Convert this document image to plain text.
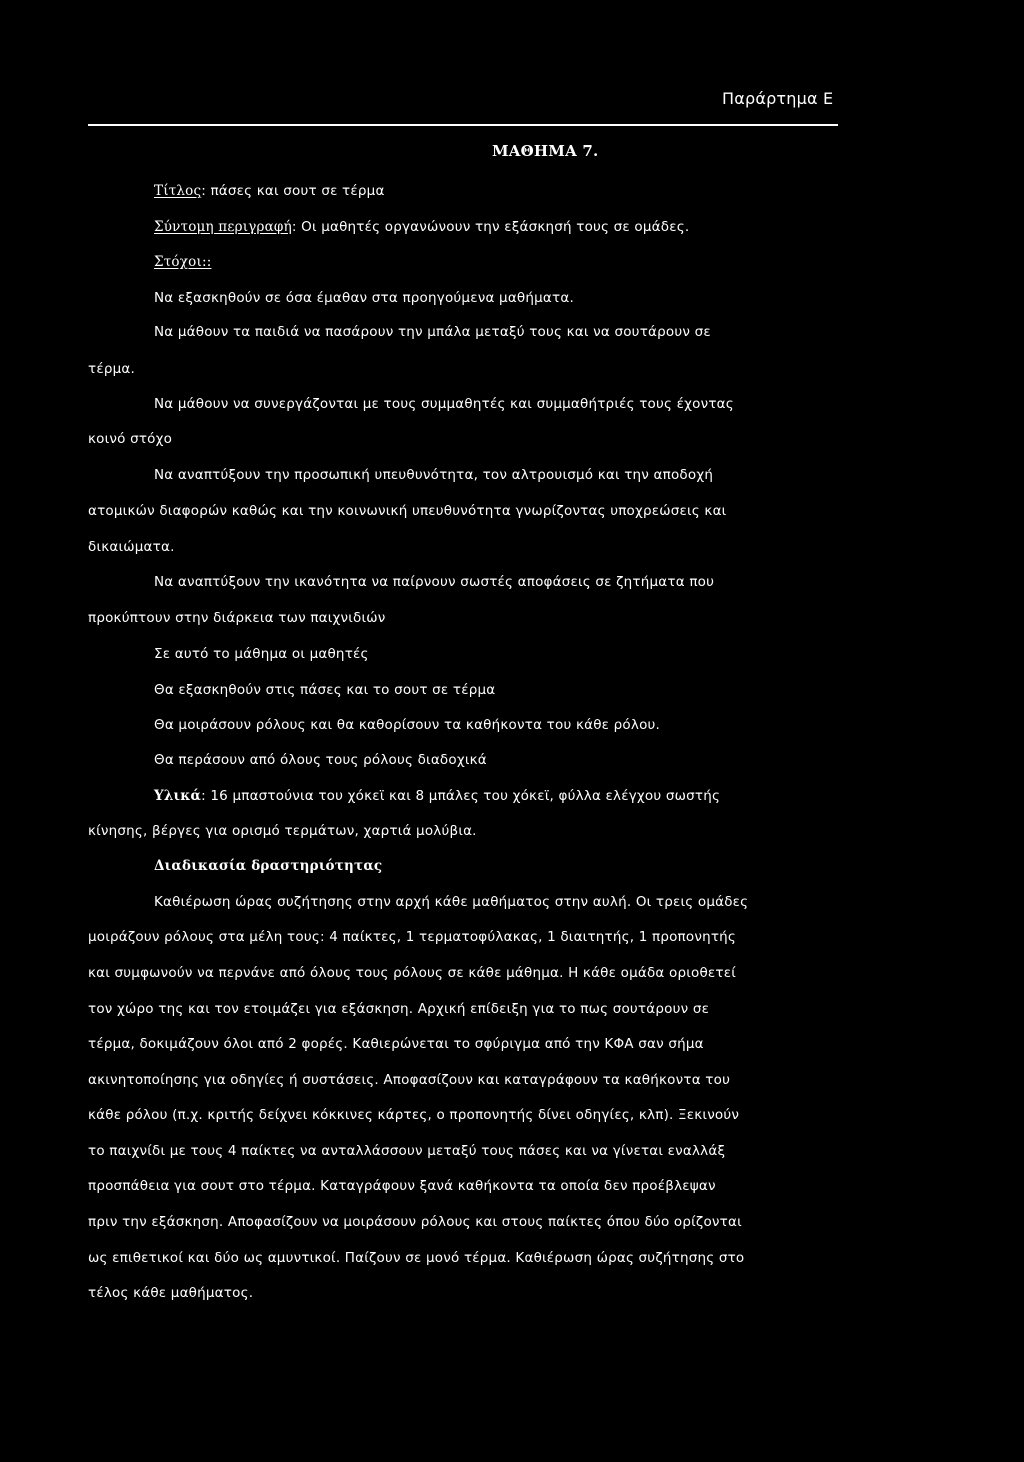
Παράρτημα Ε
ΜΑΘΗΜΑ 7.
Τίτλος: πάσες και σουτ σε τέρμα
Σύντομη περιγραφή: Οι μαθητές οργανώνουν την εξάσκησή τους σε ομάδες.
Στόχοι::
Να εξασκηθούν σε όσα έμαθαν στα προηγούμενα μαθήματα.
Να μάθουν τα παιδιά να πασάρουν την μπάλα μεταξύ τους και να σουτάρουν σε
τέρμα.
Να μάθουν να συνεργάζονται με τους συμμαθητές και συμμαθήτριές τους έχοντας
κοινό στόχο
Να αναπτύξουν την προσωπική υπευθυνότητα, τον αλτρουισμό και την αποδοχή
ατομικών διαφορών καθώς και την κοινωνική υπευθυνότητα γνωρίζοντας υποχρεώσεις και
δικαιώματα.
Να αναπτύξουν την ικανότητα να παίρνουν σωστές αποφάσεις σε ζητήματα που
προκύπτουν στην διάρκεια των παιχνιδιών
Σε αυτό το μάθημα οι μαθητές
Θα εξασκηθούν στις πάσες και το σουτ σε τέρμα
Θα μοιράσουν ρόλους και θα καθορίσουν τα καθήκοντα του κάθε ρόλου.
Θα περάσουν από όλους τους ρόλους διαδοχικά
Υλικά: 16 μπαστούνια του χόκεϊ και 8 μπάλες του χόκεϊ, φύλλα ελέγχου σωστής
κίνησης, βέργες για ορισμό τερμάτων, χαρτιά μολύβια.
Διαδικασία δραστηριότητας
Καθιέρωση ώρας συζήτησης στην αρχή κάθε μαθήματος στην αυλή. Οι τρεις ομάδες
μοιράζουν ρόλους στα μέλη τους: 4 παίκτες, 1 τερματοφύλακας, 1 διαιτητής, 1 προπονητής
και συμφωνούν να περνάνε από όλους τους ρόλους σε κάθε μάθημα. Η κάθε ομάδα οριοθετεί
τον χώρο της και τον ετοιμάζει για εξάσκηση. Αρχική επίδειξη για το πως σουτάρουν σε
τέρμα, δοκιμάζουν όλοι από 2 φορές. Καθιερώνεται το σφύριγμα από την ΚΦΑ σαν σήμα
ακινητοποίησης για οδηγίες ή συστάσεις. Αποφασίζουν και καταγράφουν τα καθήκοντα του
κάθε ρόλου (π.χ. κριτής δείχνει κόκκινες κάρτες, ο προπονητής δίνει οδηγίες, κλπ). Ξεκινούν
το παιχνίδι με τους 4 παίκτες να ανταλλάσσουν μεταξύ τους πάσες και να γίνεται εναλλάξ
προσπάθεια για σουτ στο τέρμα. Καταγράφουν ξανά καθήκοντα τα οποία δεν προέβλεψαν
πριν την εξάσκηση. Αποφασίζουν να μοιράσουν ρόλους και στους παίκτες όπου δύο ορίζονται
ως επιθετικοί και δύο ως αμυντικοί. Παίζουν σε μονό τέρμα. Καθιέρωση ώρας συζήτησης στο
τέλος κάθε μαθήματος.
